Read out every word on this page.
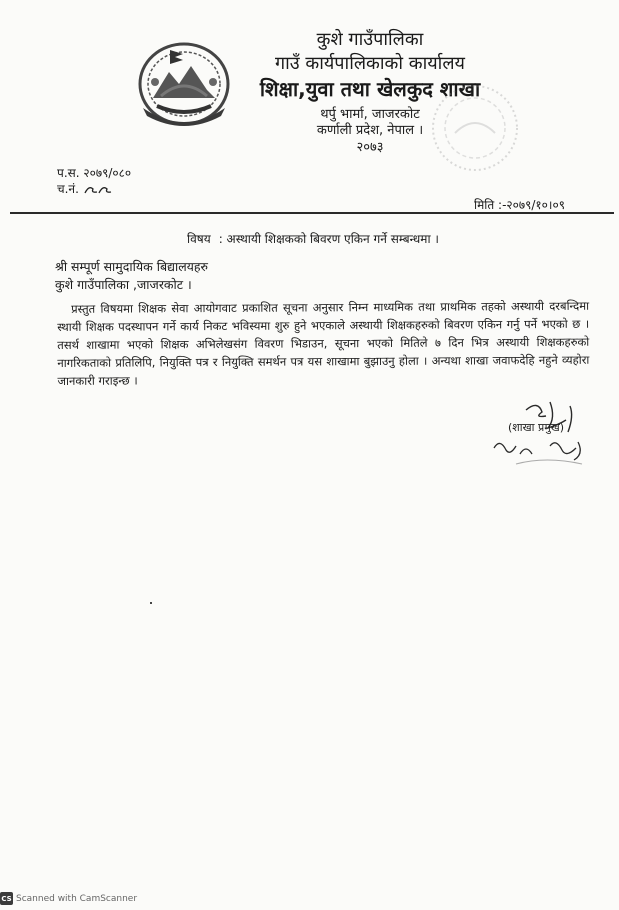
कुशे गाउँपालिका
गाउँ कार्यपालिकाको कार्यालय
शिक्षा,युवा तथा खेलकुद शाखा
थर्पु भार्मा, जाजरकोट
कर्णाली प्रदेश, नेपाल ।
२०७३
प.स. २०७९/०८०
च.नं.
मिति :-२०७९/१०।०९
विषय : अस्थायी शिक्षकको बिवरण एकिन गर्ने सम्बन्धमा ।
श्री सम्पूर्ण सामुदायिक बिद्यालयहरु
कुशे गाउँपालिका ,जाजरकोट ।
प्रस्तुत विषयमा शिक्षक सेवा आयोगवाट प्रकाशित सूचना अनुसार निम्न माध्यमिक तथा प्राथमिक तहको अस्थायी दरबन्दिमा स्थायी शिक्षक पदस्थापन गर्ने कार्य निकट भविस्यमा शुरु हुने भएकाले अस्थायी शिक्षकहरुको बिवरण एकिन गर्नु पर्ने भएको छ । तसर्थ शाखामा भएको शिक्षक अभिलेखसंग विवरण भिडाउन, सूचना भएको मितिले ७ दिन भित्र अस्थायी शिक्षकहरुको नागरिकताको प्रतिलिपि, नियुक्ति पत्र र नियुक्ति समर्थन पत्र यस शाखामा बुझाउनु होला । अन्यथा शाखा जवाफदेहि नहुने व्यहोरा जानकारी गराइन्छ ।
(शाखा प्रमुख)
CS Scanned with CamScanner
